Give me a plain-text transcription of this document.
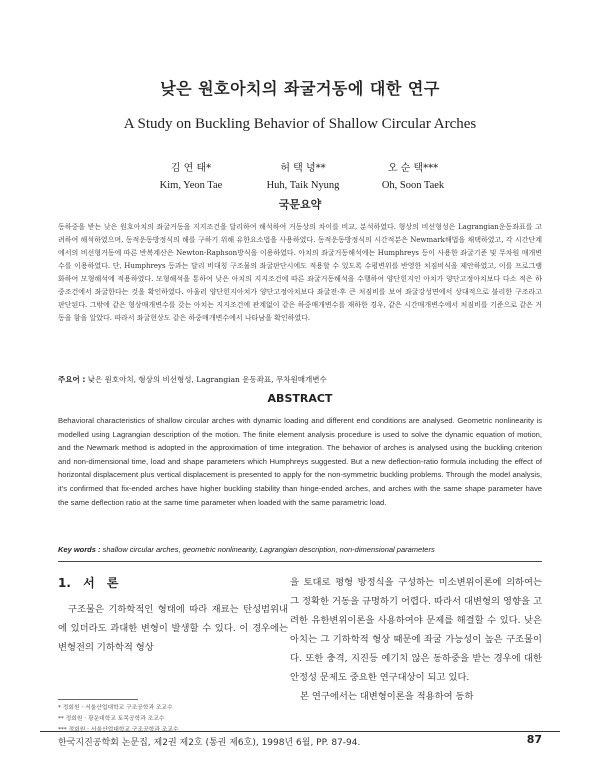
낮은 원호아치의 좌굴거동에 대한 연구
A Study on Buckling Behavior of Shallow Circular Arches
김 연 태*
Kim, Yeon Tae
허 택 녕**
Huh, Taik Nyung
오 순 택***
Oh, Soon Taek
국문요약
동하중을 받는 낮은 원호아치의 좌굴거동을 지지조건을 달리하여 해석하여 거동상의 차이를 비교, 분석하였다. 형상의 비선형성은 Lagrangian운동좌표를 고려하여 해석하였으며, 동적운동방정식의 해를 구하기 위해 유한요소법을 사용하였다. 동적운동방정식의 시간적분은 Newmark해법을 채택하였고, 각 시간단계에서의 비선형거동에 따른 반복계산은 Newton-Raphson방식을 이용하였다. 아치의 좌굴거동해석에는 Humphreys 등이 사용한 좌굴기준 및 무차원 매개변수를 이용하였다. 단, Humphreys 등과는 달리 비대칭 구조물의 좌굴판단시에도 적용할 수 있도록 수평변위를 반영한 처짐비식을 제안하였고, 이를 프로그램화하여 모형해석에 적용하였다. 모형해석을 통하여 낮은 아치의 지지조건에 따른 좌굴거동해석을 수행하여 양단힌지인 아치가 양단고정아치보다 다소 적은 하중조건에서 좌굴한다는 것을 확인하였다. 아울러 양단힌지아치가 양단고정아치보다 좌굴전·후 큰 처짐비를 보여 좌굴강성면에서 상대적으로 불리한 구조라고 판단된다. 그밖에 같은 형상매개변수를 갖는 아치는 지지조건에 관계없이 같은 하중매개변수를 재하한 경우, 같은 시간매개변수에서 처짐비를 기준으로 같은 거동을 함을 알았다. 따라서 좌굴현상도 같은 하중매개변수에서 나타남을 확인하였다.
주요어 : 낮은 원호아치, 형상의 비선형성, Lagrangian 운동좌표, 무차원매개변수
ABSTRACT
Behavioral characteristics of shallow circular arches with dynamic loading and different end conditions are analysed. Geometric nonlinearity is modelled using Lagrangian description of the motion. The finite element analysis procedure is used to solve the dynamic equation of motion, and the Newmark method is adopted in the approximation of time integration. The behavior of arches is analysed using the buckling criterion and non-dimensional time, load and shape parameters which Humphreys suggested. But a new deflection-ratio formula including the effect of horizontal displacement plus vertical displacement is presented to apply for the non-symmetric buckling problems. Through the model analysis, it's confirmed that fix-ended arches have higher buckling stability than hinge-ended arches, and arches with the same shape parameter have the same deflection ratio at the same time parameter when loaded with the same parametric load.
Key words : shallow circular arches, geometric nonlinearity, Lagrangian description, non-dimensional parameters
1. 서 론

구조물은 기하학적인 형태에 따라 재료는 탄성범위내에 있더라도 과대한 변형이 발생할 수 있다. 이 경우에는 변형전의 기하학적 형상

을 토대로 평형 방정식을 구성하는 미소변위이론에 의하여는 그 정확한 거동을 규명하기 어렵다. 따라서 대변형의 영향을 고려한 유한변위이론을 사용하여야 문제를 해결할 수 있다. 낮은 아치는 그 기하학적 형상 때문에 좌굴 가능성이 높은 구조물이다. 또한 충격, 지진등 예기치 않은 동하중을 받는 경우에 대한 안정성 문제도 중요한 연구대상이 되고 있다.

본 연구에서는 대변형이론을 적용하여 동하

* 정회원 · 서울산업대학교 구조공학과 조교수
** 정회원 · 광운대학교 토목공학과 조교수
*** 정회원 · 서울산업대학교 구조공학과 조교수
한국지진공학회 논문집, 제2권 제2호 (통권 제6호), 1998년 6월, PP. 87-94.	87
